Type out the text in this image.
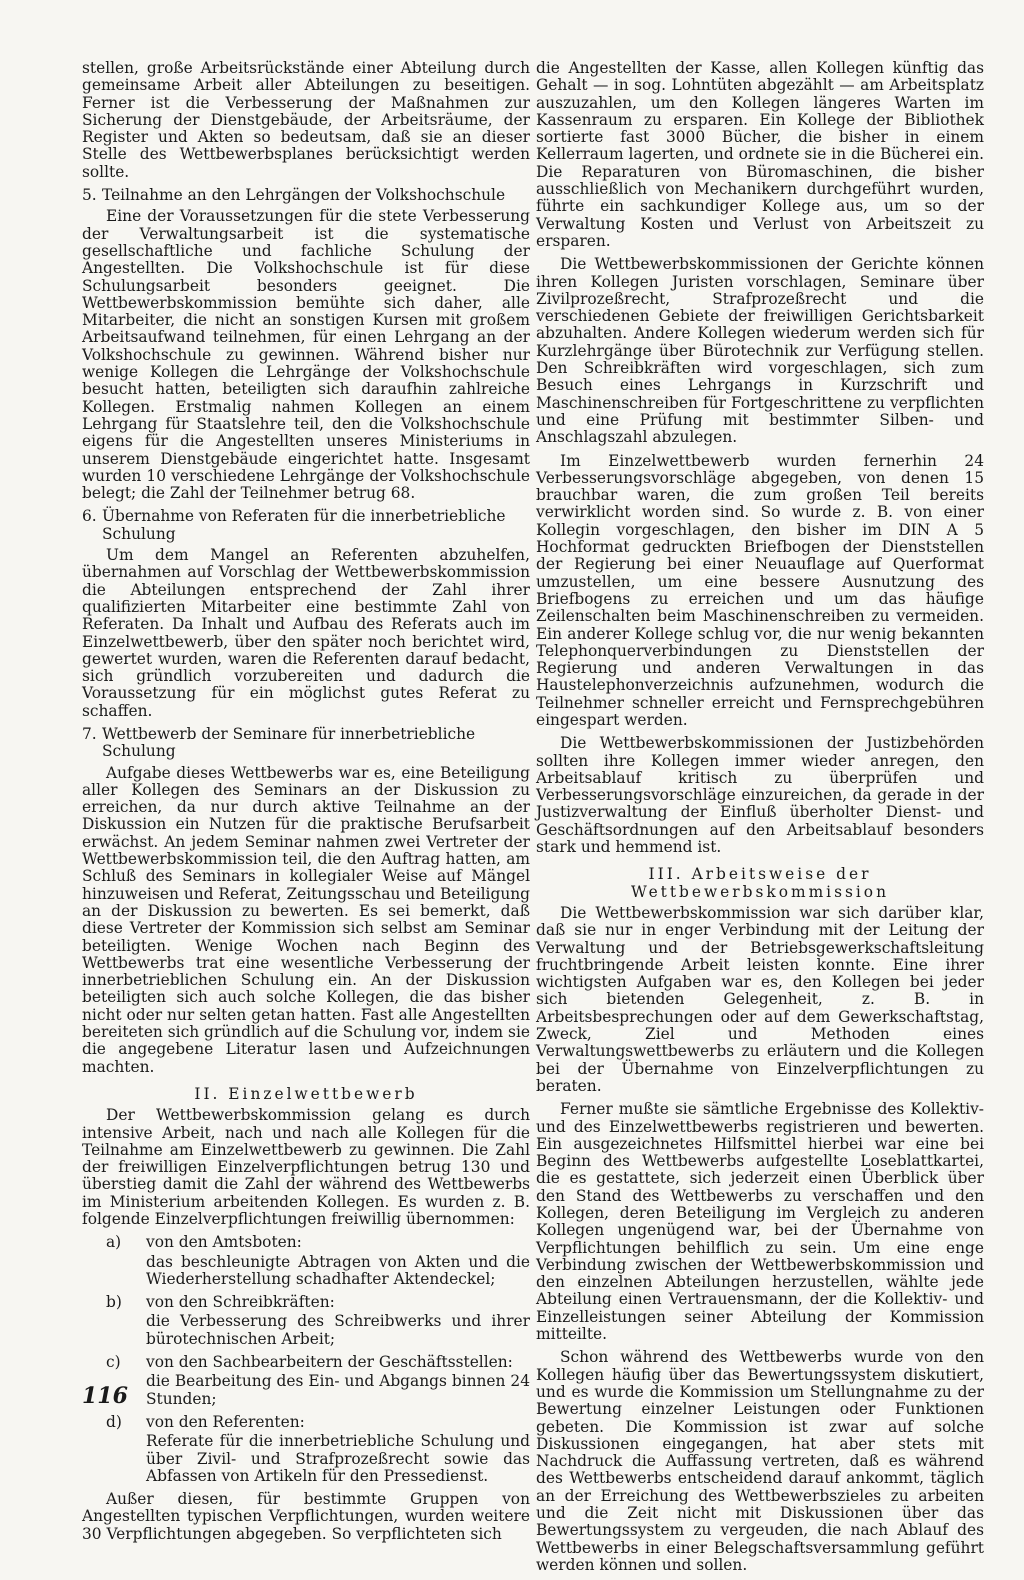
stellen, große Arbeitsrückstände einer Abteilung durch gemeinsame Arbeit aller Abteilungen zu beseitigen. Ferner ist die Verbesserung der Maßnahmen zur Sicherung der Dienstgebäude, der Arbeitsräume, der Register und Akten so bedeutsam, daß sie an dieser Stelle des Wettbewerbsplanes berücksichtigt werden sollte.

5. Teilnahme an den Lehrgängen der Volkshochschule

Eine der Voraussetzungen für die stete Verbesserung der Verwaltungsarbeit ist die systematische gesellschaftliche und fachliche Schulung der Angestellten. Die Volkshochschule ist für diese Schulungsarbeit besonders geeignet. Die Wettbewerbskommission bemühte sich daher, alle Mitarbeiter, die nicht an sonstigen Kursen mit großem Arbeitsaufwand teilnehmen, für einen Lehrgang an der Volkshochschule zu gewinnen. Während bisher nur wenige Kollegen die Lehrgänge der Volkshochschule besucht hatten, beteiligten sich daraufhin zahlreiche Kollegen. Erstmalig nahmen Kollegen an einem Lehrgang für Staatslehre teil, den die Volkshochschule eigens für die Angestellten unseres Ministeriums in unserem Dienstgebäude eingerichtet hatte. Insgesamt wurden 10 verschiedene Lehrgänge der Volkshochschule belegt; die Zahl der Teilnehmer betrug 68.

6. Übernahme von Referaten für die innerbetriebliche Schulung

Um dem Mangel an Referenten abzuhelfen, übernahmen auf Vorschlag der Wettbewerbskommission die Abteilungen entsprechend der Zahl ihrer qualifizierten Mitarbeiter eine bestimmte Zahl von Referaten. Da Inhalt und Aufbau des Referats auch im Einzelwettbewerb, über den später noch berichtet wird, gewertet wurden, waren die Referenten darauf bedacht, sich gründlich vorzubereiten und dadurch die Voraussetzung für ein möglichst gutes Referat zu schaffen.

7. Wettbewerb der Seminare für innerbetriebliche Schulung

Aufgabe dieses Wettbewerbs war es, eine Beteiligung aller Kollegen des Seminars an der Diskussion zu erreichen, da nur durch aktive Teilnahme an der Diskussion ein Nutzen für die praktische Berufsarbeit erwächst. An jedem Seminar nahmen zwei Vertreter der Wettbewerbskommission teil, die den Auftrag hatten, am Schluß des Seminars in kollegialer Weise auf Mängel hinzuweisen und Referat, Zeitungsschau und Beteiligung an der Diskussion zu bewerten. Es sei bemerkt, daß diese Vertreter der Kommission sich selbst am Seminar beteiligten. Wenige Wochen nach Beginn des Wettbewerbs trat eine wesentliche Verbesserung der innerbetrieblichen Schulung ein. An der Diskussion beteiligten sich auch solche Kollegen, die das bisher nicht oder nur selten getan hatten. Fast alle Angestellten bereiteten sich gründlich auf die Schulung vor, indem sie die angegebene Literatur lasen und Aufzeichnungen machten.

II. Einzelwettbewerb

Der Wettbewerbskommission gelang es durch intensive Arbeit, nach und nach alle Kollegen für die Teilnahme am Einzelwettbewerb zu gewinnen. Die Zahl der freiwilligen Einzelverpflichtungen betrug 130 und überstieg damit die Zahl der während des Wettbewerbs im Ministerium arbeitenden Kollegen. Es wurden z. B. folgende Einzelverpflichtungen freiwillig übernommen:

a) von den Amtsboten:
das beschleunigte Abtragen von Akten und die Wiederherstellung schadhafter Aktendeckel;
b) von den Schreibkräften:
die Verbesserung des Schreibwerks und ihrer bürotechnischen Arbeit;
c) von den Sachbearbeitern der Geschäftsstellen:
die Bearbeitung des Ein- und Abgangs binnen 24 Stunden;
d) von den Referenten:
Referate für die innerbetriebliche Schulung und über Zivil- und Strafprozeßrecht sowie das Abfassen von Artikeln für den Pressedienst.

Außer diesen, für bestimmte Gruppen von Angestellten typischen Verpflichtungen, wurden weitere 30 Verpflichtungen abgegeben. So verpflichteten sich

die Angestellten der Kasse, allen Kollegen künftig das Gehalt — in sog. Lohntüten abgezählt — am Arbeitsplatz auszuzahlen, um den Kollegen längeres Warten im Kassenraum zu ersparen. Ein Kollege der Bibliothek sortierte fast 3000 Bücher, die bisher in einem Kellerraum lagerten, und ordnete sie in die Bücherei ein. Die Reparaturen von Büromaschinen, die bisher ausschließlich von Mechanikern durchgeführt wurden, führte ein sachkundiger Kollege aus, um so der Verwaltung Kosten und Verlust von Arbeitszeit zu ersparen.

Die Wettbewerbskommissionen der Gerichte können ihren Kollegen Juristen vorschlagen, Seminare über Zivilprozeßrecht, Strafprozeßrecht und die verschiedenen Gebiete der freiwilligen Gerichtsbarkeit abzuhalten. Andere Kollegen wiederum werden sich für Kurzlehrgänge über Bürotechnik zur Verfügung stellen. Den Schreibkräften wird vorgeschlagen, sich zum Besuch eines Lehrgangs in Kurzschrift und Maschinenschreiben für Fortgeschrittene zu verpflichten und eine Prüfung mit bestimmter Silben- und Anschlagszahl abzulegen.

Im Einzelwettbewerb wurden fernerhin 24 Verbesserungsvorschläge abgegeben, von denen 15 brauchbar waren, die zum großen Teil bereits verwirklicht worden sind. So wurde z. B. von einer Kollegin vorgeschlagen, den bisher im DIN A 5 Hochformat gedruckten Briefbogen der Dienststellen der Regierung bei einer Neuauflage auf Querformat umzustellen, um eine bessere Ausnutzung des Briefbogens zu erreichen und um das häufige Zeilenschalten beim Maschinenschreiben zu vermeiden. Ein anderer Kollege schlug vor, die nur wenig bekannten Telephonquerverbindungen zu Dienststellen der Regierung und anderen Verwaltungen in das Haustelephonverzeichnis aufzunehmen, wodurch die Teilnehmer schneller erreicht und Fernsprechgebühren eingespart werden.

Die Wettbewerbskommissionen der Justizbehörden sollten ihre Kollegen immer wieder anregen, den Arbeitsablauf kritisch zu überprüfen und Verbesserungsvorschläge einzureichen, da gerade in der Justizverwaltung der Einfluß überholter Dienst- und Geschäftsordnungen auf den Arbeitsablauf besonders stark und hemmend ist.

III. Arbeitsweise der Wettbewerbskommission

Die Wettbewerbskommission war sich darüber klar, daß sie nur in enger Verbindung mit der Leitung der Verwaltung und der Betriebsgewerkschaftsleitung fruchtbringende Arbeit leisten konnte. Eine ihrer wichtigsten Aufgaben war es, den Kollegen bei jeder sich bietenden Gelegenheit, z. B. in Arbeitsbesprechungen oder auf dem Gewerkschaftstag, Zweck, Ziel und Methoden eines Verwaltungswettbewerbs zu erläutern und die Kollegen bei der Übernahme von Einzelverpflichtungen zu beraten.

Ferner mußte sie sämtliche Ergebnisse des Kollektiv- und des Einzelwettbewerbs registrieren und bewerten. Ein ausgezeichnetes Hilfsmittel hierbei war eine bei Beginn des Wettbewerbs aufgestellte Loseblattkartei, die es gestattete, sich jederzeit einen Überblick über den Stand des Wettbewerbs zu verschaffen und den Kollegen, deren Beteiligung im Vergleich zu anderen Kollegen ungenügend war, bei der Übernahme von Verpflichtungen behilflich zu sein. Um eine enge Verbindung zwischen der Wettbewerbskommission und den einzelnen Abteilungen herzustellen, wählte jede Abteilung einen Vertrauensmann, der die Kollektiv- und Einzelleistungen seiner Abteilung der Kommission mitteilte.

Schon während des Wettbewerbs wurde von den Kollegen häufig über das Bewertungssystem diskutiert, und es wurde die Kommission um Stellungnahme zu der Bewertung einzelner Leistungen oder Funktionen gebeten. Die Kommission ist zwar auf solche Diskussionen eingegangen, hat aber stets mit Nachdruck die Auffassung vertreten, daß es während des Wettbewerbs entscheidend darauf ankommt, täglich an der Erreichung des Wettbewerbszieles zu arbeiten und die Zeit nicht mit Diskussionen über das Bewertungssystem zu vergeuden, die nach Ablauf des Wettbewerbs in einer Belegschaftsversammlung geführt werden können und sollen.

116
